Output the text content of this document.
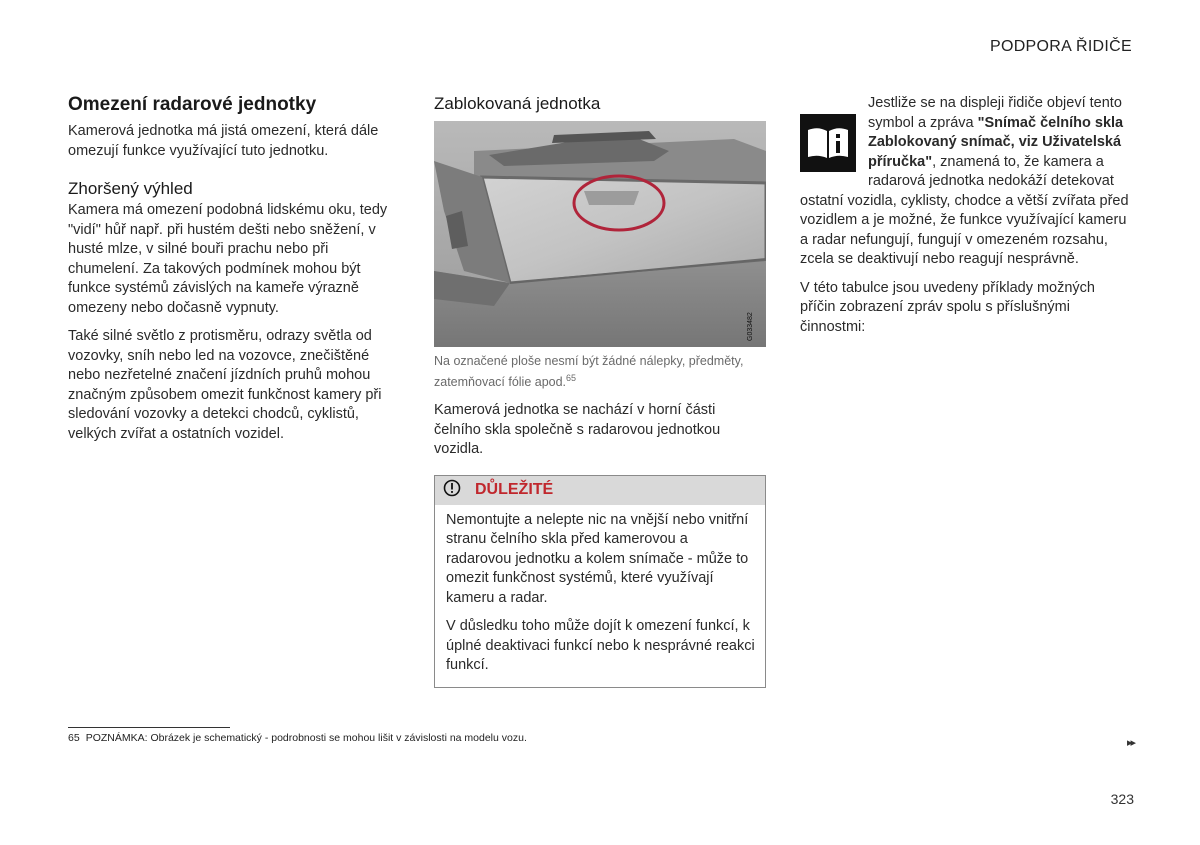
PODPORA ŘIDIČE
Omezení radarové jednotky

Kamerová jednotka má jistá omezení, která dále omezují funkce využívající tuto jednotku.

Zhoršený výhled

Kamera má omezení podobná lidskému oku, tedy "vidí" hůř např. při hustém dešti nebo sněžení, v husté mlze, v silné bouři prachu nebo při chumelení. Za takových podmínek mohou být funkce systémů závislých na kameře výrazně omezeny nebo dočasně vypnuty.

Také silné světlo z protisměru, odrazy světla od vozovky, sníh nebo led na vozovce, znečištěné nebo nezřetelné značení jízdních pruhů mohou značným způsobem omezit funkčnost kamery při sledování vozovky a detekci chodců, cyklistů, velkých zvířat a ostatních vozidel.

Zablokovaná jednotka
G033482
Na označené ploše nesmí být žádné nálepky, předměty, zatemňovací fólie apod.$^{65}$

Kamerová jednotka se nachází v horní části čelního skla společně s radarovou jednotkou vozidla.

DŮLEŽITÉ

Nemontujte a nelepte nic na vnější nebo vnitřní stranu čelního skla před kamerovou a radarovou jednotku a kolem snímače - může to omezit funkčnost systémů, které využívají kameru a radar.

V důsledku toho může dojít k omezení funkcí, k úplné deaktivaci funkcí nebo k nesprávné reakci funkcí.

Jestliže se na displeji řidiče objeví tento symbol a zpráva "Snímač čelního skla Zablokovaný snímač, viz Uživatelská příručka", znamená to, že kamera a radarová jednotka nedokáží detekovat ostatní vozidla, cyklisty, chodce a větší zvířata před vozidlem a je možné, že funkce využívající kameru a radar nefungují, fungují v omezeném rozsahu, zcela se deaktivují nebo reagují nesprávně.

V této tabulce jsou uvedeny příklady možných příčin zobrazení zpráv spolu s příslušnými činnostmi:

65 POZNÁMKA: Obrázek je schematický - podrobnosti se mohou lišit v závislosti na modelu vozu.	▸▸
323
